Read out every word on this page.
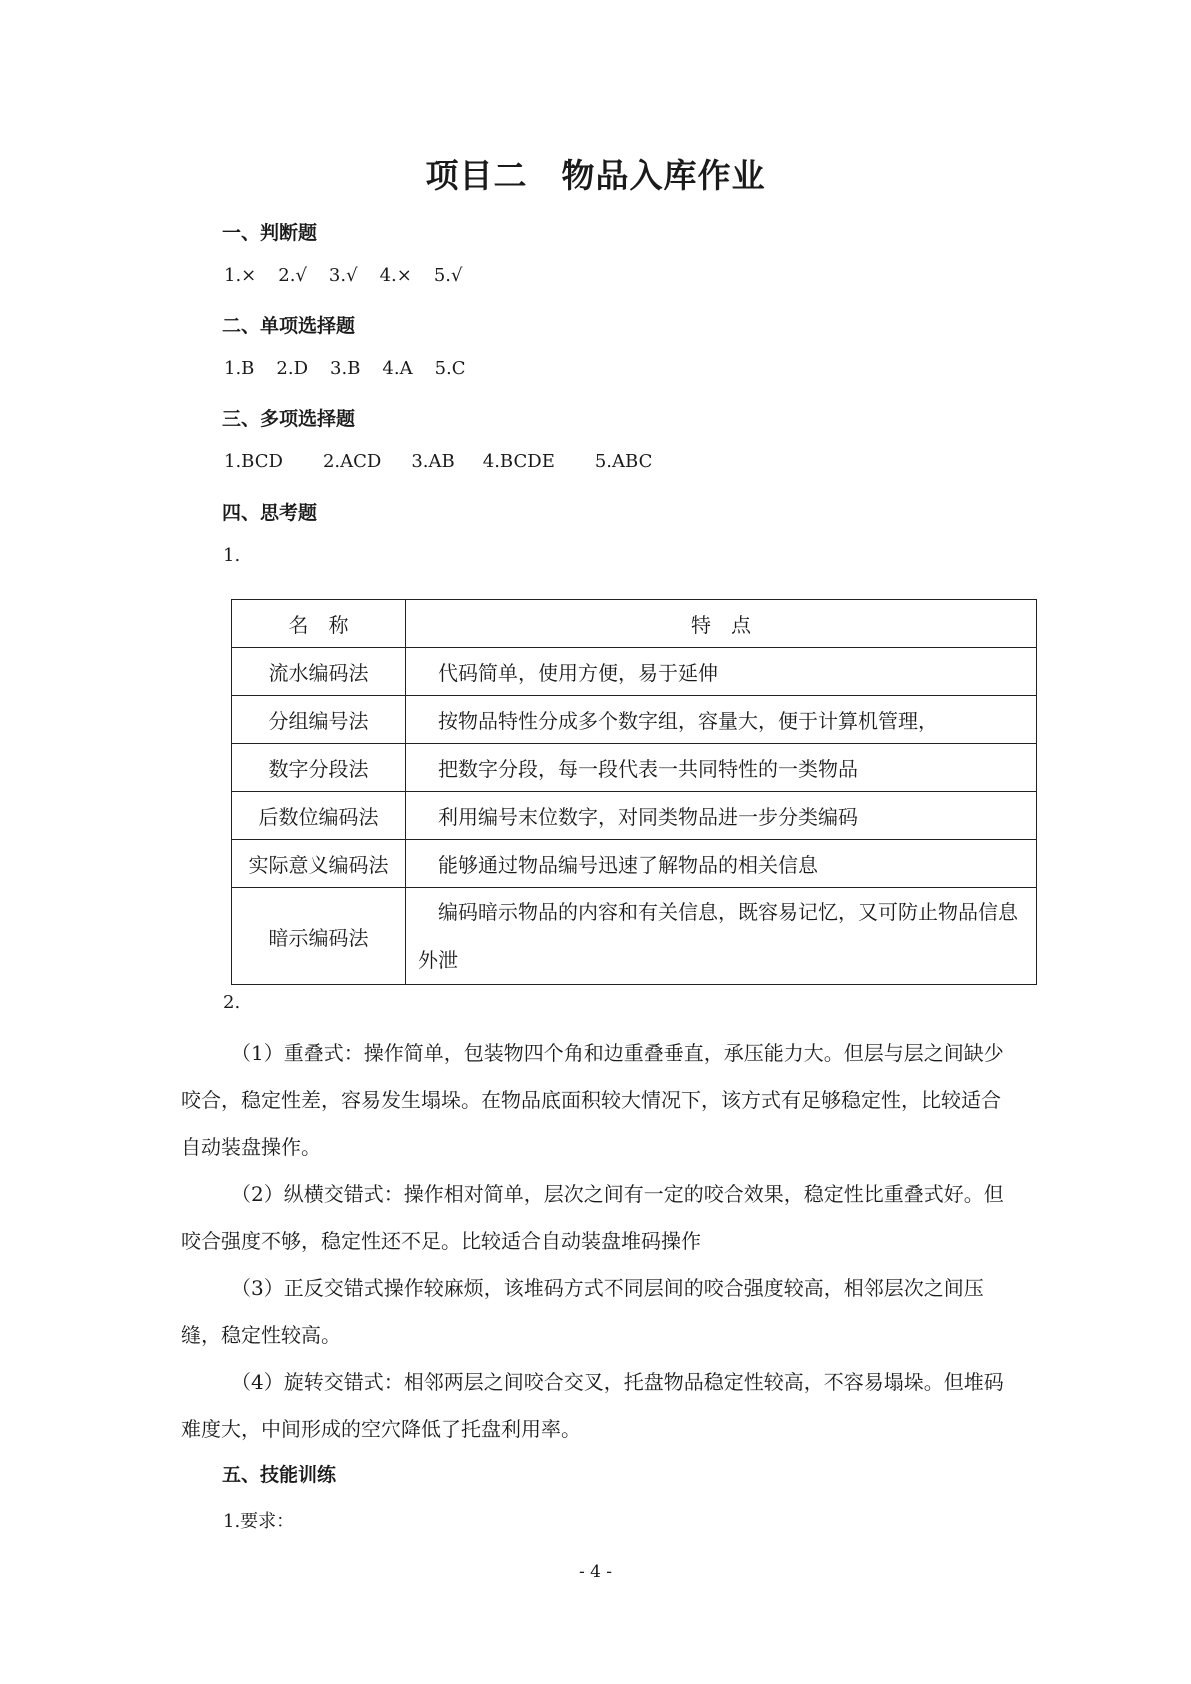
项目二 物品入库作业
一、判断题
1.× 2.√ 3.√ 4.× 5.√
二、单项选择题
1.B 2.D 3.B 4.A 5.C
三、多项选择题
1.BCD 2.ACD 3.AB 4.BCDE 5.ABC
四、思考题
1.
名　称	特　点
流水编码法	代码简单，使用方便，易于延伸
分组编号法	按物品特性分成多个数字组，容量大，便于计算机管理，
数字分段法	把数字分段，每一段代表一共同特性的一类物品
后数位编码法	利用编号末位数字，对同类物品进一步分类编码
实际意义编码法	能够通过物品编号迅速了解物品的相关信息
暗示编码法	编码暗示物品的内容和有关信息，既容易记忆，又可防止物品信息外泄
2.
（1）重叠式：操作简单，包装物四个角和边重叠垂直，承压能力大。但层与层之间缺少咬合，稳定性差，容易发生塌垛。在物品底面积较大情况下，该方式有足够稳定性，比较适合自动装盘操作。
（2）纵横交错式：操作相对简单，层次之间有一定的咬合效果，稳定性比重叠式好。但咬合强度不够，稳定性还不足。比较适合自动装盘堆码操作
（3）正反交错式操作较麻烦，该堆码方式不同层间的咬合强度较高，相邻层次之间压缝，稳定性较高。
（4）旋转交错式：相邻两层之间咬合交叉，托盘物品稳定性较高，不容易塌垛。但堆码难度大，中间形成的空穴降低了托盘利用率。
五、技能训练
1.要求：
- 4 -
